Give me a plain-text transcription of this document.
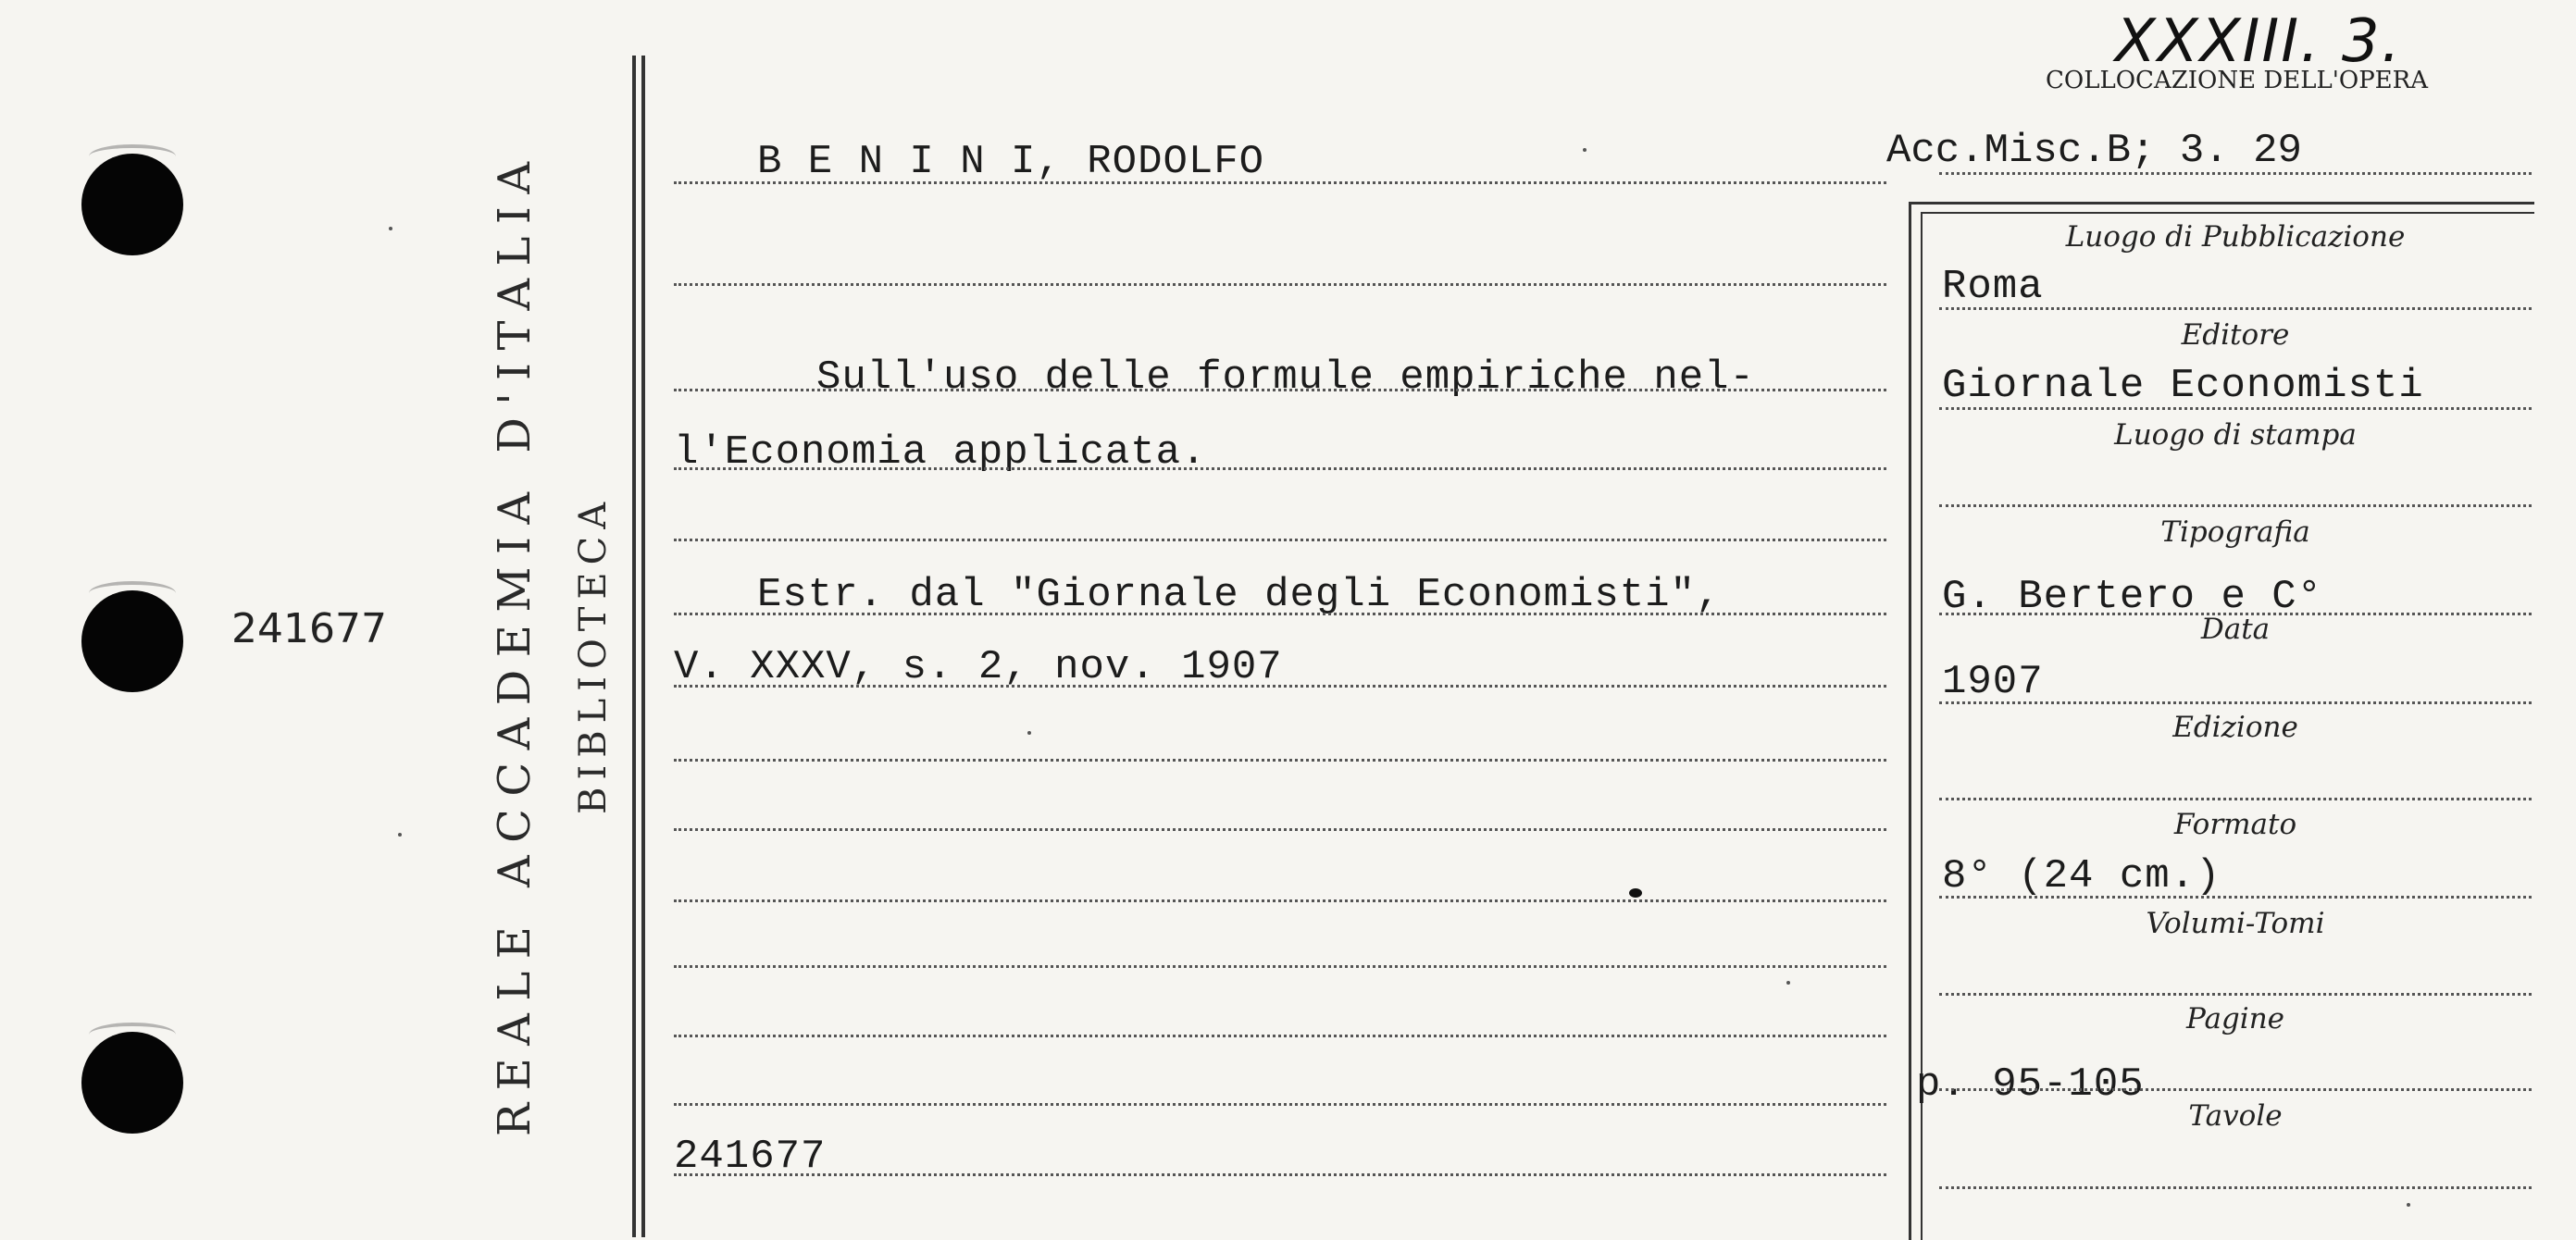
241677 REALE ACCADEMIA D'ITALIA BIBLIOTECA
XXXIII. 3.
COLLOCAZIONE DELL'OPERA
Acc.Misc.B; 3. 29
B E N I N I, RODOLFO
Sull'uso delle formule empiriche nel-
l'Economia applicata.
Estr. dal "Giornale degli Economisti",
V. XXXV, s. 2, nov. 1907
241677
Luogo di Pubblicazione
Roma
Editore
Giornale Economisti
Luogo di stampa
Tipografia
G. Bertero e C°
Data
1907
Edizione
Formato
8° (24 cm.)
Volumi-Tomi
Pagine
p. 95-105
Tavole
